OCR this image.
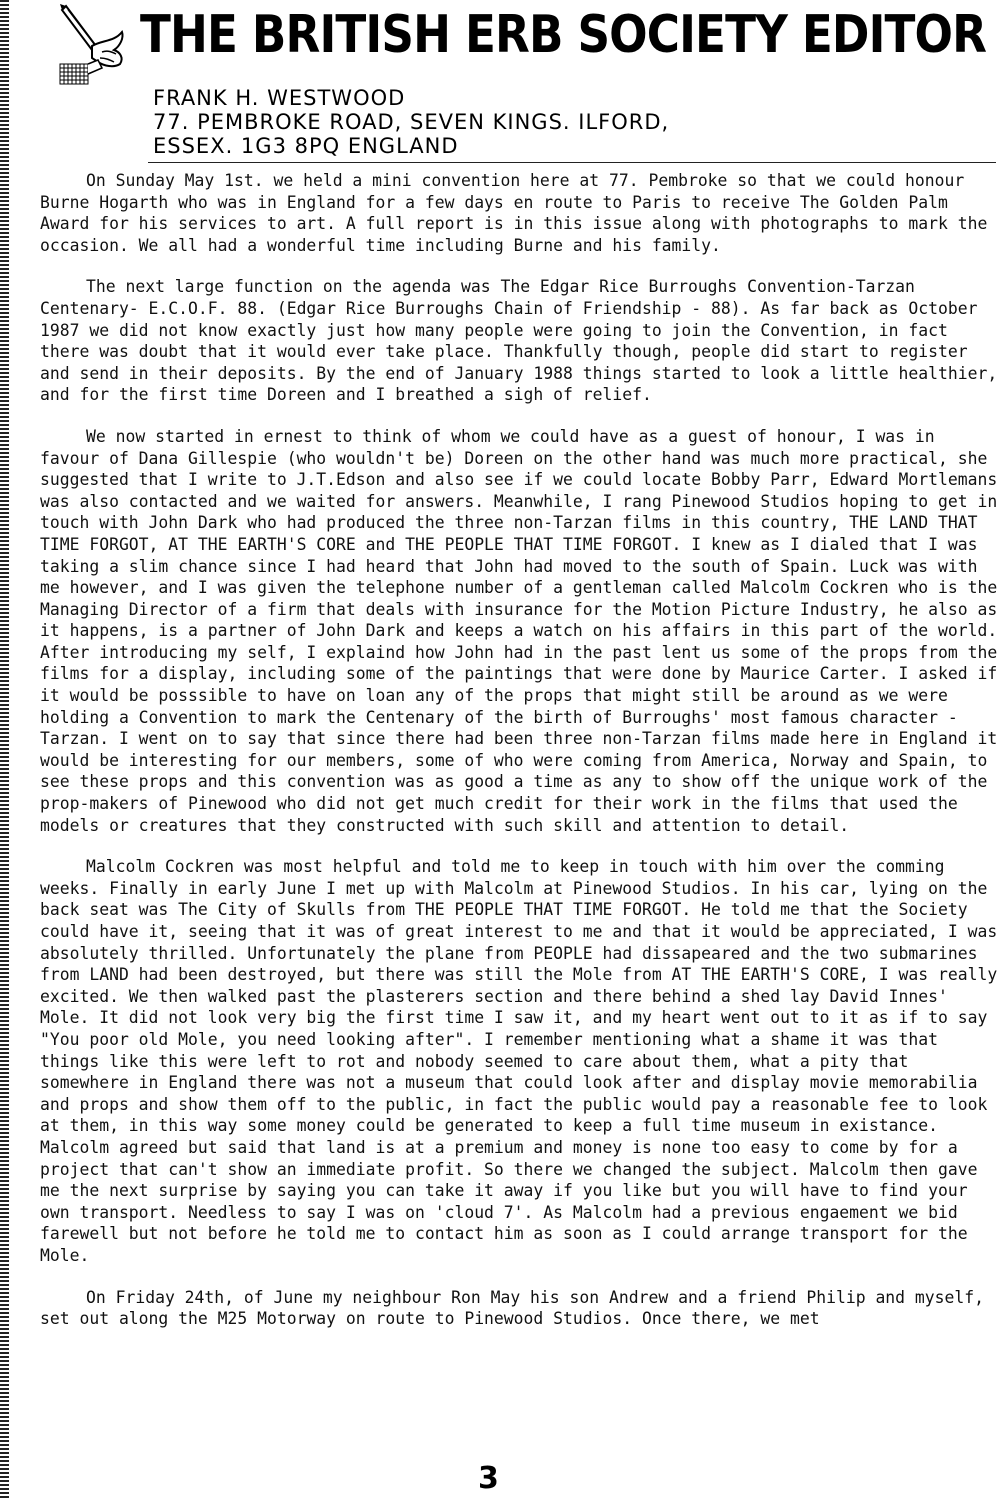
THE BRITISH ERB SOCIETY EDITOR
FRANK H. WESTWOOD
77. PEMBROKE ROAD, SEVEN KINGS. ILFORD,
ESSEX. 1G3 8PQ ENGLAND

On Sunday May 1st. we held a mini convention here at 77. Pembroke so that we could honour Burne Hogarth who was in England for a few days en route to Paris to receive The Golden Palm Award for his services to art. A full report is in this issue along with photographs to mark the occasion. We all had a wonderful time including Burne and his family.

The next large function on the agenda was The Edgar Rice Burroughs Convention-Tarzan Centenary- E.C.O.F. 88. (Edgar Rice Burroughs Chain of Friendship - 88). As far back as October 1987 we did not know exactly just how many people were going to join the Convention, in fact there was doubt that it would ever take place. Thankfully though, people did start to register and send in their deposits. By the end of January 1988 things started to look a little healthier, and for the first time Doreen and I breathed a sigh of relief.

We now started in ernest to think of whom we could have as a guest of honour, I was in favour of Dana Gillespie (who wouldn't be) Doreen on the other hand was much more practical, she suggested that I write to J.T.Edson and also see if we could locate Bobby Parr, Edward Mortlemans was also contacted and we waited for answers. Meanwhile, I rang Pinewood Studios hoping to get in touch with John Dark who had produced the three non-Tarzan films in this country, THE LAND THAT TIME FORGOT, AT THE EARTH'S CORE and THE PEOPLE THAT TIME FORGOT. I knew as I dialed that I was taking a slim chance since I had heard that John had moved to the south of Spain. Luck was with me however, and I was given the telephone number of a gentleman called Malcolm Cockren who is the Managing Director of a firm that deals with insurance for the Motion Picture Industry, he also as it happens, is a partner of John Dark and keeps a watch on his affairs in this part of the world. After introducing my self, I explaind how John had in the past lent us some of the props from the films for a display, including some of the paintings that were done by Maurice Carter. I asked if it would be posssible to have on loan any of the props that might still be around as we were holding a Convention to mark the Centenary of the birth of Burroughs' most famous character - Tarzan. I went on to say that since there had been three non-Tarzan films made here in England it would be interesting for our members, some of who were coming from America, Norway and Spain, to see these props and this convention was as good a time as any to show off the unique work of the prop-makers of Pinewood who did not get much credit for their work in the films that used the models or creatures that they constructed with such skill and attention to detail.

Malcolm Cockren was most helpful and told me to keep in touch with him over the comming weeks. Finally in early June I met up with Malcolm at Pinewood Studios. In his car, lying on the back seat was The City of Skulls from THE PEOPLE THAT TIME FORGOT. He told me that the Society could have it, seeing that it was of great interest to me and that it would be appreciated, I was absolutely thrilled. Unfortunately the plane from PEOPLE had dissapeared and the two submarines from LAND had been destroyed, but there was still the Mole from AT THE EARTH'S CORE, I was really excited. We then walked past the plasterers section and there behind a shed lay David Innes' Mole. It did not look very big the first time I saw it, and my heart went out to it as if to say "You poor old Mole, you need looking after". I remember mentioning what a shame it was that things like this were left to rot and nobody seemed to care about them, what a pity that somewhere in England there was not a museum that could look after and display movie memorabilia and props and show them off to the public, in fact the public would pay a reasonable fee to look at them, in this way some money could be generated to keep a full time museum in existance. Malcolm agreed but said that land is at a premium and money is none too easy to come by for a project that can't show an immediate profit. So there we changed the subject. Malcolm then gave me the next surprise by saying you can take it away if you like but you will have to find your own transport. Needless to say I was on 'cloud 7'. As Malcolm had a previous engaement we bid farewell but not before he told me to contact him as soon as I could arrange transport for the Mole.

On Friday 24th, of June my neighbour Ron May his son Andrew and a friend Philip and myself, set out along the M25 Motorway on route to Pinewood Studios. Once there, we met

3
